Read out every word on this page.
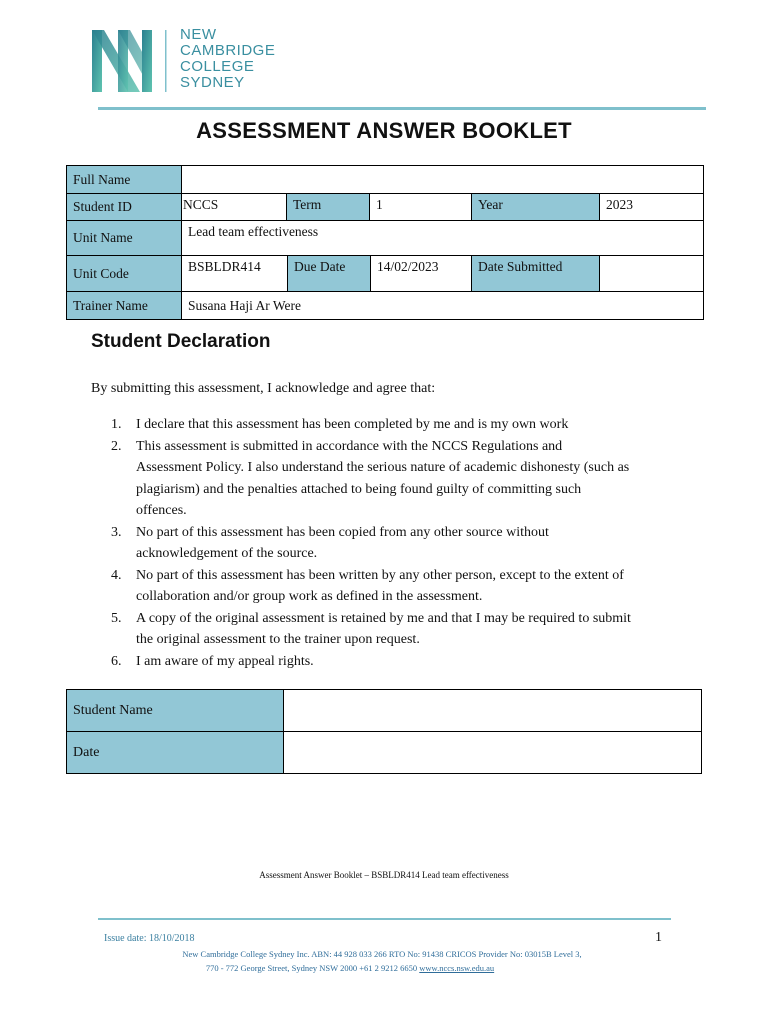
NEW
CAMBRIDGE
COLLEGE
SYDNEY
ASSESSMENT ANSWER BOOKLET
Full Name
Student ID	NCCS	Term	1	Year	2023
Unit Name	Lead team effectiveness
Unit Code	BSBLDR414	Due Date	14/02/2023	Date Submitted
Trainer Name	Susana Haji Ar Were
Student Declaration
By submitting this assessment, I acknowledge and agree that:
1. I declare that this assessment has been completed by me and is my own work
2. This assessment is submitted in accordance with the NCCS Regulations and
Assessment Policy. I also understand the serious nature of academic dishonesty (such as
plagiarism) and the penalties attached to being found guilty of committing such
offences.
3. No part of this assessment has been copied from any other source without
acknowledgement of the source.
4. No part of this assessment has been written by any other person, except to the extent of
collaboration and/or group work as defined in the assessment.
5. A copy of the original assessment is retained by me and that I may be required to submit
the original assessment to the trainer upon request.
6. I am aware of my appeal rights.
Student Name
Date
Assessment Answer Booklet – BSBLDR414 Lead team effectiveness
Issue date: 18/10/2018	1
New Cambridge College Sydney Inc. ABN: 44 928 033 266 RTO No: 91438 CRICOS Provider No: 03015B Level 3,
770 - 772 George Street, Sydney NSW 2000 +61 2 9212 6650 www.nccs.nsw.edu.au
